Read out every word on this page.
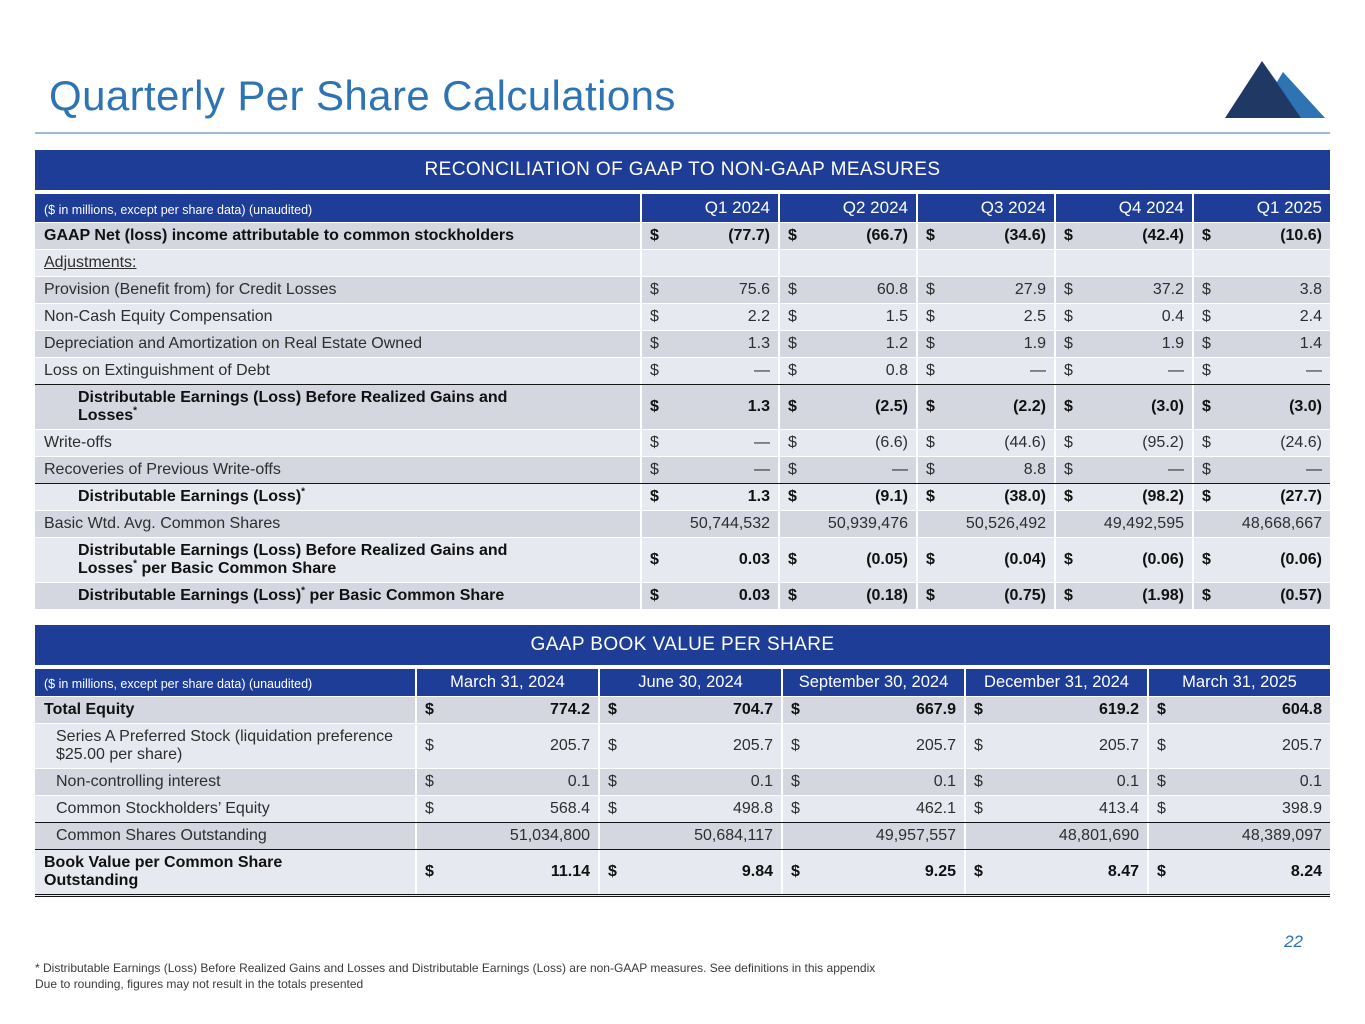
Quarterly Per Share Calculations
RECONCILIATION OF GAAP TO NON-GAAP MEASURES
($ in millions, except per share data) (unaudited)	Q1 2024	Q2 2024	Q3 2024	Q4 2024	Q1 2025
GAAP Net (loss) income attributable to common stockholders	$	(77.7) $	(66.7) $	(34.6) $	(42.4) $	(10.6)
Adjustments:
Provision (Benefit from) for Credit Losses	$	75.6 $	60.8 $	27.9 $	37.2 $	3.8
Non-Cash Equity Compensation	$	2.2 $	1.5 $	2.5 $	0.4 $	2.4
Depreciation and Amortization on Real Estate Owned	$	1.3 $	1.2 $	1.9 $	1.9 $	1.4
Loss on Extinguishment of Debt	$	— $	0.8 $	— $	— $	—
Distributable Earnings (Loss) Before Realized Gains and Losses*	$	1.3 $	(2.5) $	(2.2) $	(3.0) $	(3.0)
Write-offs	$	— $	(6.6) $	(44.6) $	(95.2) $	(24.6)
Recoveries of Previous Write-offs	$	— $	— $	8.8 $	— $	—
Distributable Earnings (Loss)*	$	1.3 $	(9.1) $	(38.0) $	(98.2) $	(27.7)
Basic Wtd. Avg. Common Shares	50,744,532	50,939,476	50,526,492	49,492,595	48,668,667
Distributable Earnings (Loss) Before Realized Gains and Losses* per Basic Common Share
$	0.03 $	(0.05) $	(0.04) $	(0.06) $	(0.06)
Distributable Earnings (Loss)* per Basic Common Share	$	0.03 $	(0.18) $	(0.75) $	(1.98) $	(0.57)
GAAP BOOK VALUE PER SHARE
($ in millions, except per share data) (unaudited)	March 31, 2024	June 30, 2024	September 30, 2024	December 31, 2024	March 31, 2025
Total Equity	$	774.2 $	704.7 $	667.9 $	619.2 $	604.8
Series A Preferred Stock (liquidation preference $25.00 per share)
$	205.7 $	205.7 $	205.7 $	205.7 $	205.7
Non-controlling interest	$	0.1 $	0.1 $	0.1 $	0.1 $	0.1
Common Stockholders’ Equity	$	568.4 $	498.8 $	462.1 $	413.4 $	398.9
Common Shares Outstanding	51,034,800	50,684,117	49,957,557	48,801,690	48,389,097
Book Value per Common Share Outstanding
$	11.14 $	9.84 $	9.25 $	8.47 $	8.24
* Distributable Earnings (Loss) Before Realized Gains and Losses and Distributable Earnings (Loss) are non-GAAP measures. See definitions in this appendix
Due to rounding, figures may not result in the totals presented
22
